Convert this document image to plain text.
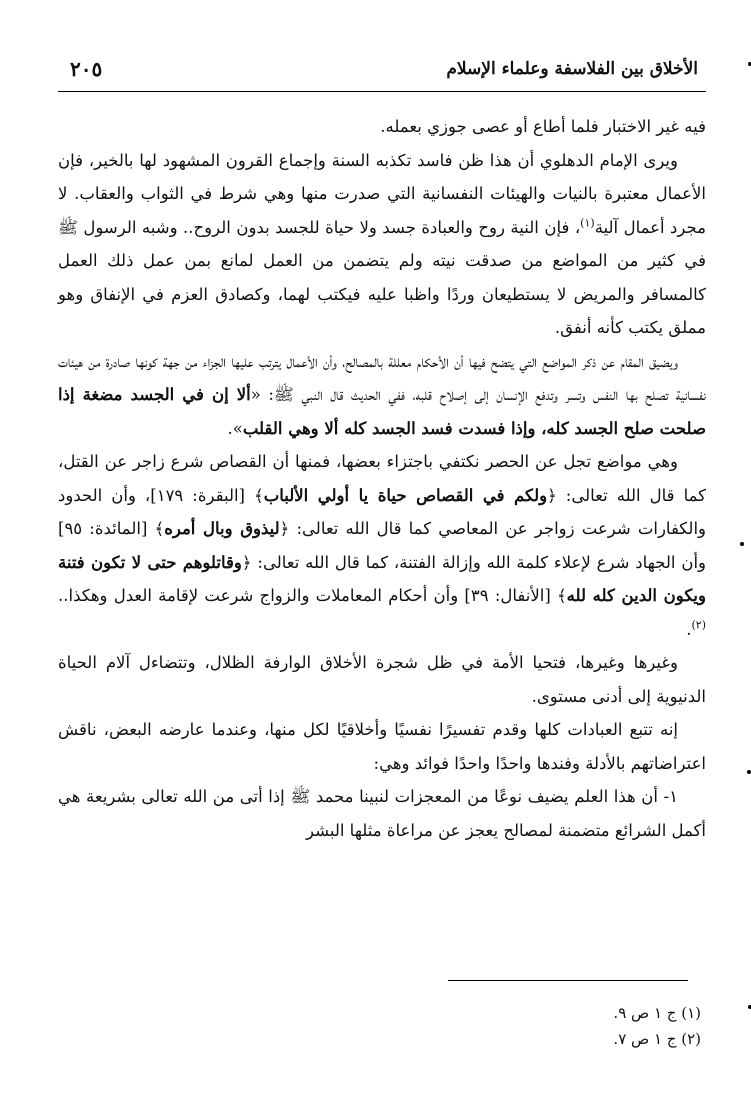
الأخلاق بين الفلاسفة وعلماء الإسلام
٢٠٥

فيه غير الاختبار فلما أطاع أو عصى جوزي بعمله.

ويرى الإمام الدهلوي أن هذا ظن فاسد تكذبه السنة وإجماع القرون المشهود لها بالخير، فإن الأعمال معتبرة بالنيات والهيئات النفسانية التي صدرت منها وهي شرط في الثواب والعقاب. لا مجرد أعمال آلية$^{(١)}$، فإن النية روح والعبادة جسد ولا حياة للجسد بدون الروح.. وشبه الرسول ﷺ في كثير من المواضع من صدقت نيته ولم يتضمن من العمل لمانع بمن عمل ذلك العمل كالمسافر والمريض لا يستطيعان وردًا واظبا عليه فيكتب لهما، وكصادق العزم في الإنفاق وهو مملق يكتب كأنه أنفق.

ويضيق المقام عن ذكر المواضع التي يتضح فيها أن الأحكام معللة بالمصالح، وأن الأعمال يترتب عليها الجزاء من جهة كونها صادرة من هيئات نفسانية تصلح بها النفس وتسر وتدفع الإنسان إلى إصلاح قلبه، ففي الحديث قال النبي ﷺ: «ألا إن في الجسد مضغة إذا صلحت صلح الجسد كله، وإذا فسدت فسد الجسد كله ألا وهي القلب».

وهي مواضع تجل عن الحصر نكتفي باجتزاء بعضها، فمنها أن القصاص شرع زاجر عن القتل، كما قال الله تعالى: ﴿ولكم في القصاص حياة يا أولي الألباب﴾ [البقرة: ١٧٩]، وأن الحدود والكفارات شرعت زواجر عن المعاصي كما قال الله تعالى: ﴿ليذوق وبال أمره﴾ [المائدة: ٩٥] وأن الجهاد شرع لإعلاء كلمة الله وإزالة الفتنة، كما قال الله تعالى: ﴿وقاتلوهم حتى لا تكون فتنة ويكون الدين كله لله﴾ [الأنفال: ٣٩] وأن أحكام المعاملات والزواج شرعت لإقامة العدل وهكذا..$^{(٢)}$.

وغيرها وغيرها، فتحيا الأمة في ظل شجرة الأخلاق الوارفة الظلال، وتتضاءل آلام الحياة الدنيوية إلى أدنى مستوى.

إنه تتبع العبادات كلها وقدم تفسيرًا نفسيًا وأخلاقيًا لكل منها، وعندما عارضه البعض، ناقش اعتراضاتهم بالأدلة وفندها واحدًا واحدًا فوائد وهي:

١- أن هذا العلم يضيف نوعًا من المعجزات لنبينا محمد ﷺ إذا أتى من الله تعالى بشريعة هي أكمل الشرائع متضمنة لمصالح يعجز عن مراعاة مثلها البشر

(١) ج ١ ص ٩.
(٢) ج ١ ص ٧.
